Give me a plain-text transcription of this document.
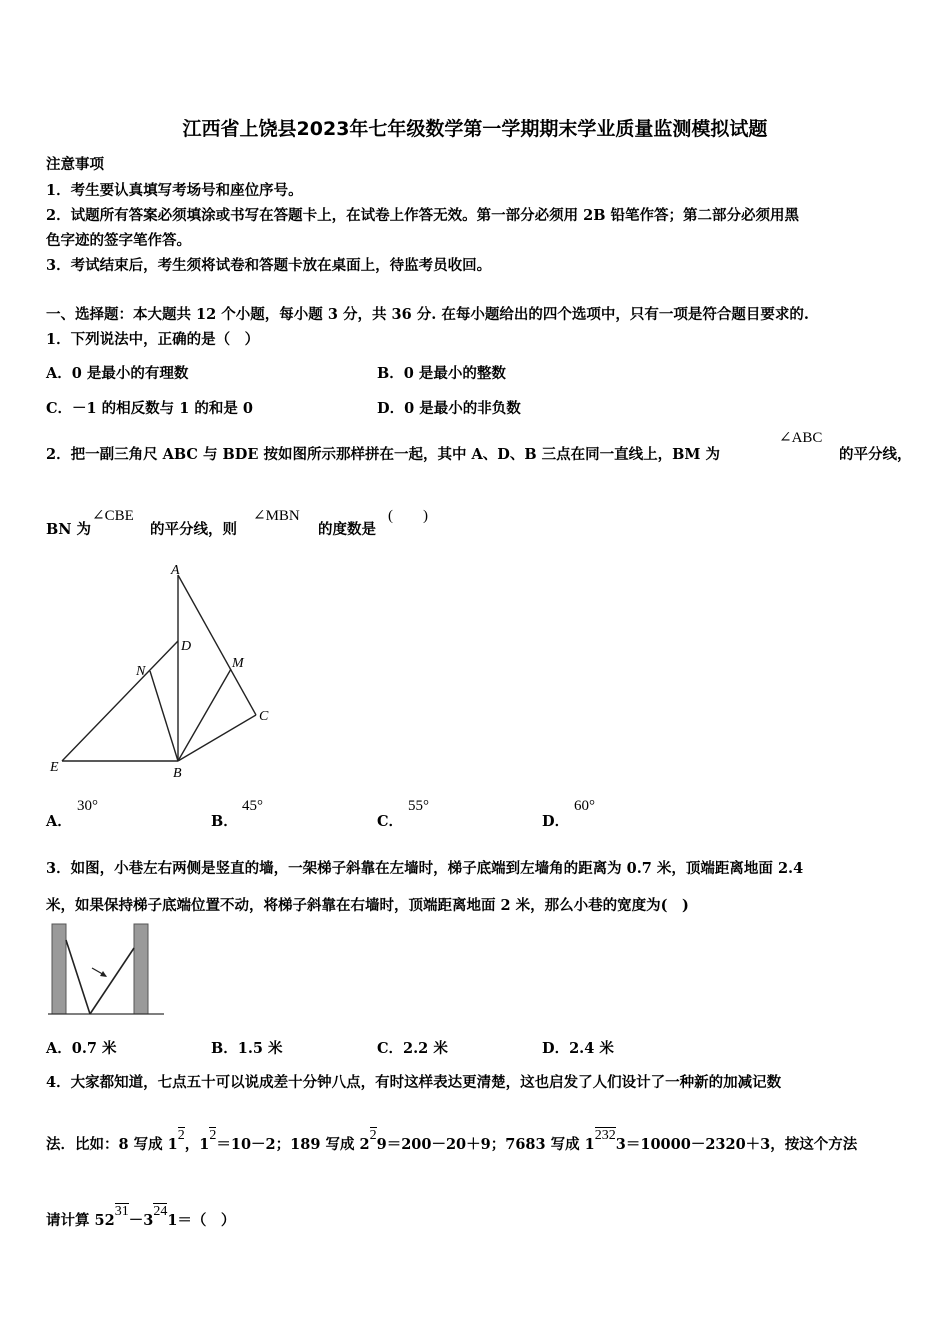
江西省上饶县2023年七年级数学第一学期期末学业质量监测模拟试题
注意事项
1．考生要认真填写考场号和座位序号。
2．试题所有答案必须填涂或书写在答题卡上，在试卷上作答无效。第一部分必须用 2B 铅笔作答；第二部分必须用黑
色字迹的签字笔作答。
3．考试结束后，考生须将试卷和答题卡放在桌面上，待监考员收回。
一、选择题：本大题共 12 个小题，每小题 3 分，共 36 分. 在每小题给出的四个选项中，只有一项是符合题目要求的.
1．下列说法中，正确的是（　）
A．0 是最小的有理数	B．0 是最小的整数
C．－1 的相反数与 1 的和是 0	D．0 是最小的非负数
2．把一副三角尺 ABC 与 BDE 按如图所示那样拼在一起，其中 A、D、B 三点在同一直线上，BM 为
∠ABC
的平分线，
BN 为
∠CBE
的平分线，则
∠MBN
的度数是
(　　)
A
D
N
M
C
E	B
A．
30°
B．
45°
C．
55°
D．
60°
3．如图，小巷左右两侧是竖直的墙，一架梯子斜靠在左墙时，梯子底端到左墙角的距离为 0.7 米，顶端距离地面 2.4
米，如果保持梯子底端位置不动，将梯子斜靠在右墙时，顶端距离地面 2 米，那么小巷的宽度为(　)
A．0.7 米	B．1.5 米	C．2.2 米	D．2.4 米
4．大家都知道，七点五十可以说成差十分钟八点，有时这样表达更清楚，这也启发了人们设计了一种新的加减记数
法．比如：8 写成 12，12＝10－2；189 写成 229＝200－20＋9；7683 写成 12323＝10000－2320＋3，按这个方法
请计算 5231－3241＝（　）
